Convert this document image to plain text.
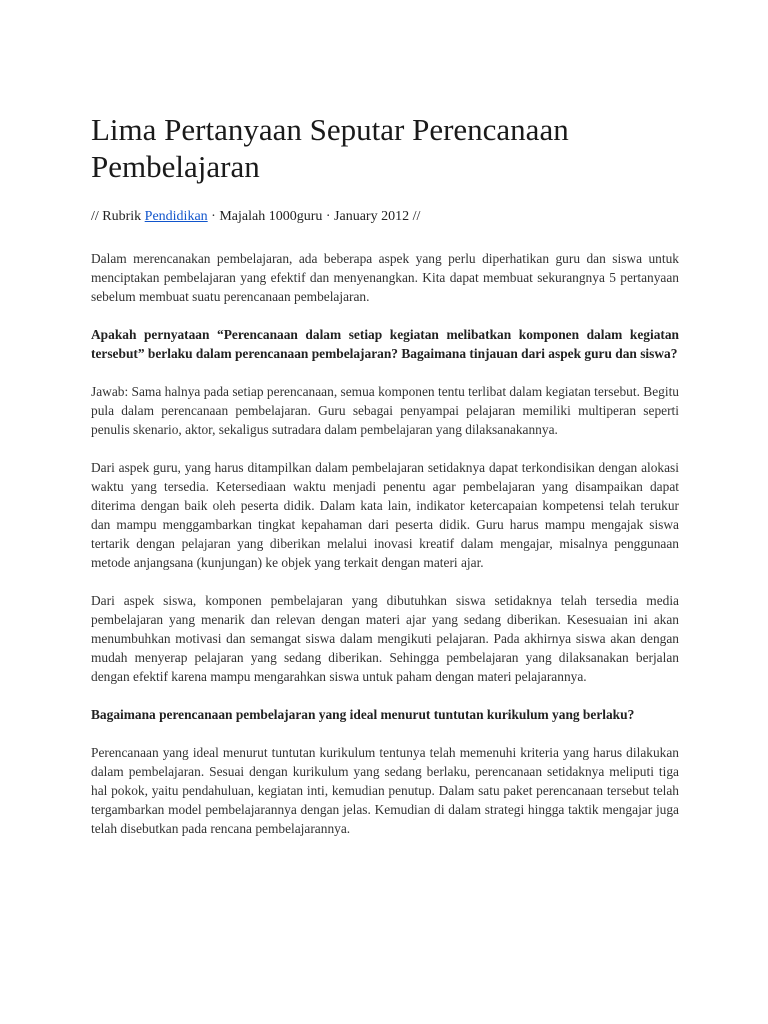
Lima Pertanyaan Seputar Perencanaan Pembelajaran
// Rubrik Pendidikan · Majalah 1000guru · January 2012 //

Dalam merencanakan pembelajaran, ada beberapa aspek yang perlu diperhatikan guru dan siswa untuk menciptakan pembelajaran yang efektif dan menyenangkan. Kita dapat membuat sekurangnya 5 pertanyaan sebelum membuat suatu perencanaan pembelajaran.

Apakah pernyataan “Perencanaan dalam setiap kegiatan melibatkan komponen dalam kegiatan tersebut” berlaku dalam perencanaan pembelajaran? Bagaimana tinjauan dari aspek guru dan siswa?

Jawab: Sama halnya pada setiap perencanaan, semua komponen tentu terlibat dalam kegiatan tersebut. Begitu pula dalam perencanaan pembelajaran. Guru sebagai penyampai pelajaran memiliki multiperan seperti penulis skenario, aktor, sekaligus sutradara dalam pembelajaran yang dilaksanakannya.

Dari aspek guru, yang harus ditampilkan dalam pembelajaran setidaknya dapat terkondisikan dengan alokasi waktu yang tersedia. Ketersediaan waktu menjadi penentu agar pembelajaran yang disampaikan dapat diterima dengan baik oleh peserta didik. Dalam kata lain, indikator ketercapaian kompetensi telah terukur dan mampu menggambarkan tingkat kepahaman dari peserta didik. Guru harus mampu mengajak siswa tertarik dengan pelajaran yang diberikan melalui inovasi kreatif dalam mengajar, misalnya penggunaan metode anjangsana (kunjungan) ke objek yang terkait dengan materi ajar.

Dari aspek siswa, komponen pembelajaran yang dibutuhkan siswa setidaknya telah tersedia media pembelajaran yang menarik dan relevan dengan materi ajar yang sedang diberikan. Kesesuaian ini akan menumbuhkan motivasi dan semangat siswa dalam mengikuti pelajaran. Pada akhirnya siswa akan dengan mudah menyerap pelajaran yang sedang diberikan. Sehingga pembelajaran yang dilaksanakan berjalan dengan efektif karena mampu mengarahkan siswa untuk paham dengan materi pelajarannya.

Bagaimana perencanaan pembelajaran yang ideal menurut tuntutan kurikulum yang berlaku?

Perencanaan yang ideal menurut tuntutan kurikulum tentunya telah memenuhi kriteria yang harus dilakukan dalam pembelajaran. Sesuai dengan kurikulum yang sedang berlaku, perencanaan setidaknya meliputi tiga hal pokok, yaitu pendahuluan, kegiatan inti, kemudian penutup. Dalam satu paket perencanaan tersebut telah tergambarkan model pembelajarannya dengan jelas. Kemudian di dalam strategi hingga taktik mengajar juga telah disebutkan pada rencana pembelajarannya.
